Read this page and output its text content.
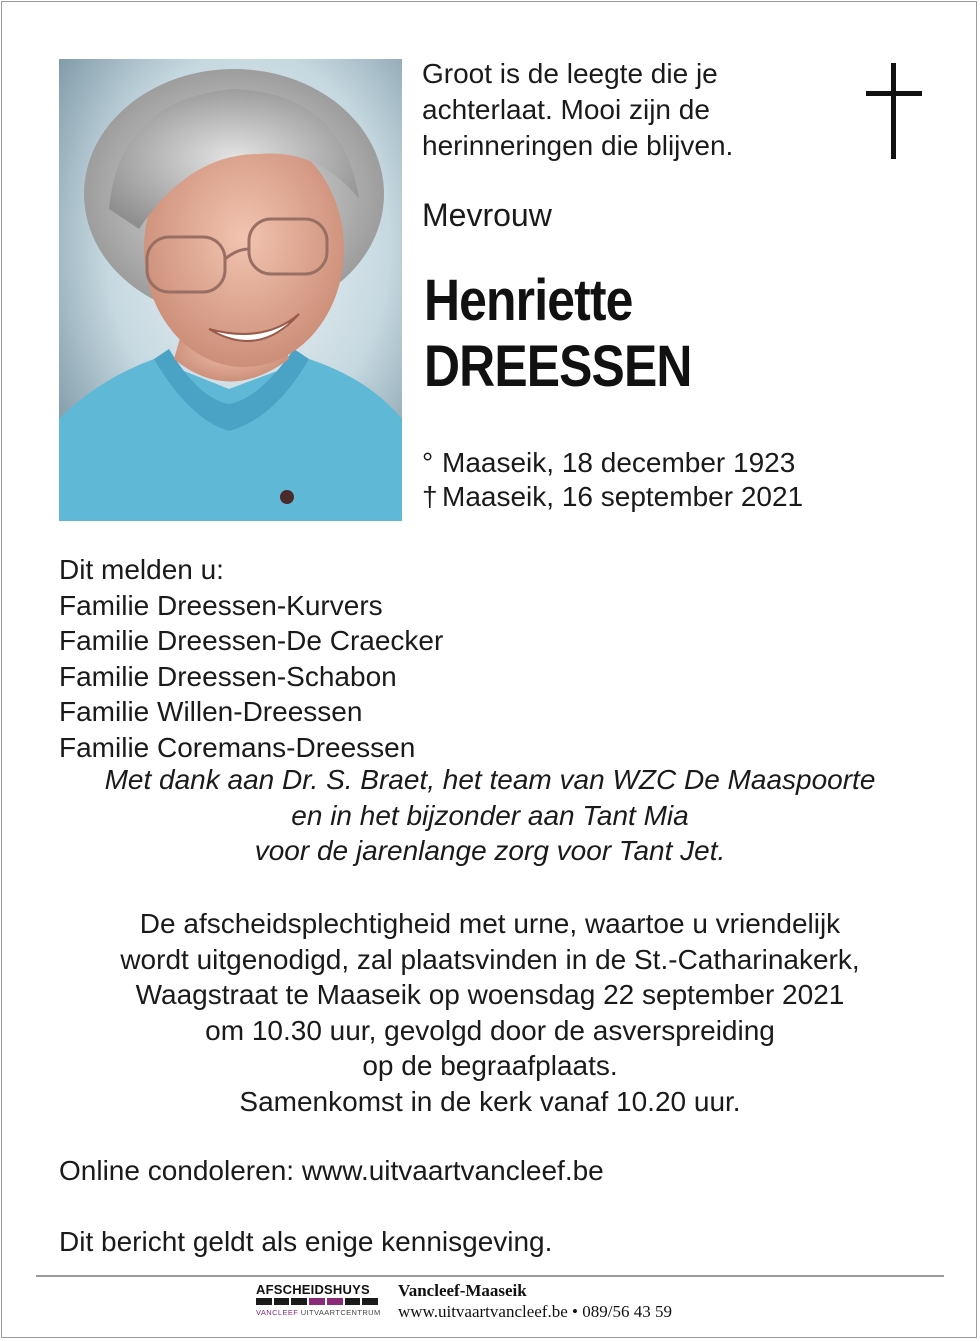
Groot is de leegte die je
achterlaat. Mooi zijn de
herinneringen die blijven.
Mevrouw
Henriette
DREESSEN
° Maaseik, 18 december 1923
† Maaseik, 16 september 2021
Dit melden u:
Familie Dreessen-Kurvers
Familie Dreessen-De Craecker
Familie Dreessen-Schabon
Familie Willen-Dreessen
Familie Coremans-Dreessen
Met dank aan Dr. S. Braet, het team van WZC De Maaspoorte
en in het bijzonder aan Tant Mia
voor de jarenlange zorg voor Tant Jet.
De afscheidsplechtigheid met urne, waartoe u vriendelijk
wordt uitgenodigd, zal plaatsvinden in de St.-Catharinakerk,
Waagstraat te Maaseik op woensdag 22 september 2021
om 10.30 uur, gevolgd door de asverspreiding
op de begraafplaats.
Samenkomst in de kerk vanaf 10.20 uur.
Online condoleren: www.uitvaartvancleef.be
Dit bericht geldt als enige kennisgeving.
AFSCHEIDSHUYS
VANCLEEF UITVAARTCENTRUM
Vancleef-Maaseik
www.uitvaartvancleef.be • 089/56 43 59
